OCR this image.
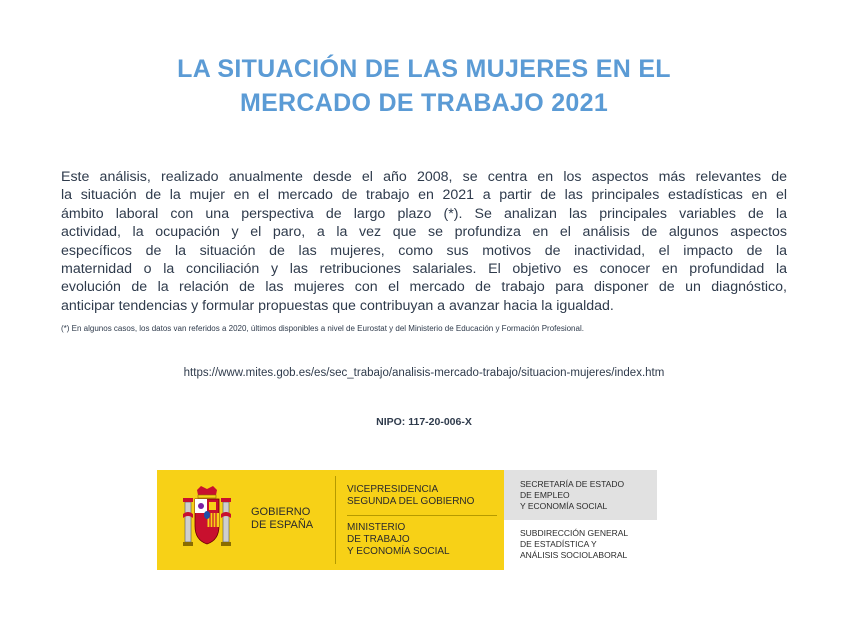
LA SITUACIÓN DE LAS MUJERES EN EL
MERCADO DE TRABAJO 2021
Este análisis, realizado anualmente desde el año 2008, se centra en los aspectos más relevantes de
la situación de la mujer en el mercado de trabajo en 2021 a partir de las principales estadísticas en el
ámbito laboral con una perspectiva de largo plazo (*). Se analizan las principales variables de la
actividad, la ocupación y el paro, a la vez que se profundiza en el análisis de algunos aspectos
específicos de la situación de las mujeres, como sus motivos de inactividad, el impacto de la
maternidad o la conciliación y las retribuciones salariales. El objetivo es conocer en profundidad la
evolución de la relación de las mujeres con el mercado de trabajo para disponer de un diagnóstico,
anticipar tendencias y formular propuestas que contribuyan a avanzar hacia la igualdad.
(*) En algunos casos, los datos van referidos a 2020, últimos disponibles a nivel de Eurostat y del Ministerio de Educación y Formación Profesional.
https://www.mites.gob.es/es/sec_trabajo/analisis-mercado-trabajo/situacion-mujeres/index.htm
NIPO: 117-20-006-X
GOBIERNO
DE ESPAÑA
VICEPRESIDENCIA
SEGUNDA DEL GOBIERNO
MINISTERIO
DE TRABAJO
Y ECONOMÍA SOCIAL
SECRETARÍA DE ESTADO
DE EMPLEO
Y ECONOMÍA SOCIAL
SUBDIRECCIÓN GENERAL
DE ESTADÍSTICA Y
ANÁLISIS SOCIOLABORAL
